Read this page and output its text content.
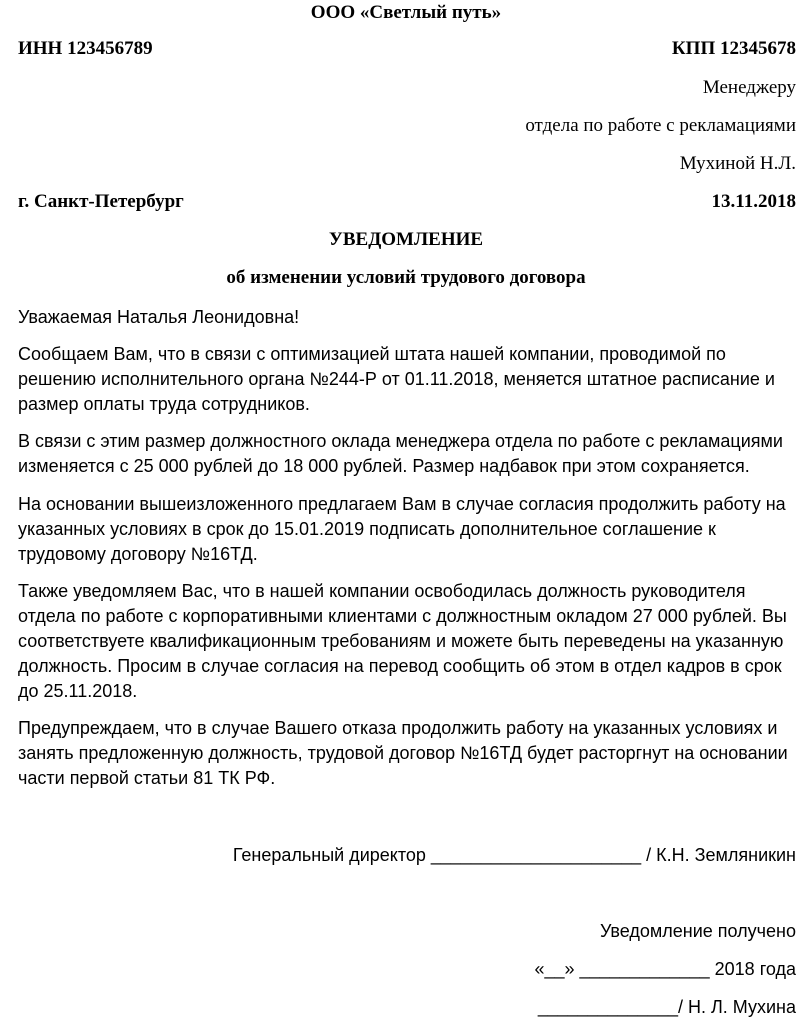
ООО «Светлый путь»
ИНН 123456789	КПП 12345678
Менеджеру
отдела по работе с рекламациями
Мухиной Н.Л.
г. Санкт-Петербург	13.11.2018
УВЕДОМЛЕНИЕ
об изменении условий трудового договора
Уважаемая Наталья Леонидовна!

Сообщаем Вам, что в связи с оптимизацией штата нашей компании, проводимой по решению исполнительного органа №244-Р от 01.11.2018, меняется штатное расписание и размер оплаты труда сотрудников.

В связи с этим размер должностного оклада менеджера отдела по работе с рекламациями изменяется с 25 000 рублей до 18 000 рублей. Размер надбавок при этом сохраняется.

На основании вышеизложенного предлагаем Вам в случае согласия продолжить работу на указанных условиях в срок до 15.01.2019 подписать дополнительное соглашение к трудовому договору №16ТД.

Также уведомляем Вас, что в нашей компании освободилась должность руководителя отдела по работе с корпоративными клиентами с должностным окладом 27 000 рублей. Вы соответствуете квалификационным требованиям и можете быть переведены на указанную должность. Просим в случае согласия на перевод сообщить об этом в отдел кадров в срок до 25.11.2018.

Предупреждаем, что в случае Вашего отказа продолжить работу на указанных условиях и занять предложенную должность, трудовой договор №16ТД будет расторгнут на основании части первой статьи 81 ТК РФ.

Генеральный директор _____________________ / К.Н. Земляникин
Уведомление получено
«__» _____________ 2018 года
______________/ Н. Л. Мухина
